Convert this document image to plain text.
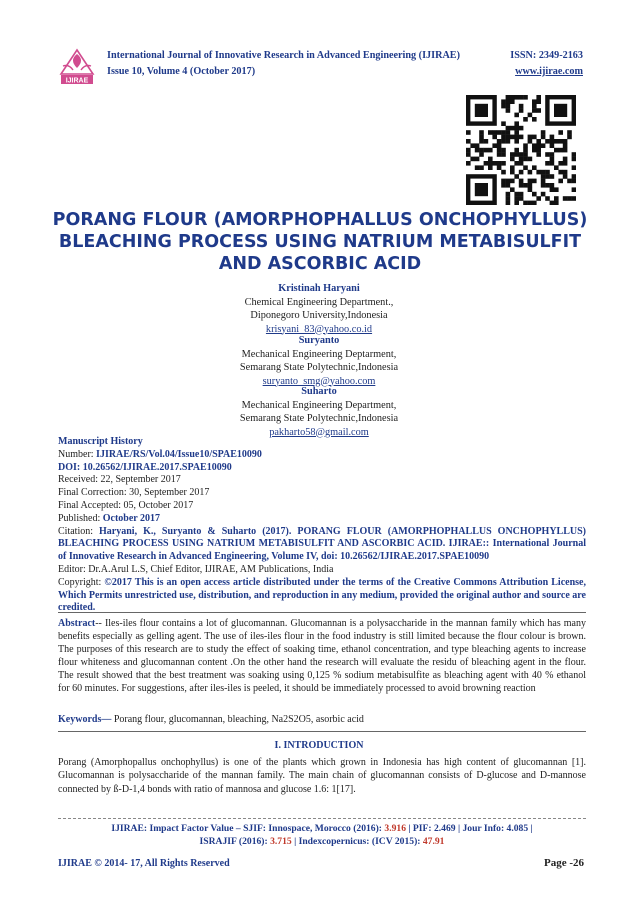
IJIRAE
International Journal of Innovative Research in Advanced Engineering (IJIRAE)	ISSN: 2349-2163
Issue 10, Volume 4 (October 2017)	www.ijirae.com
PORANG FLOUR (AMORPHOPHALLUS ONCHOPHYLLUS) BLEACHING PROCESS USING NATRIUM METABISULFIT AND ASCORBIC ACID
Kristinah Haryani
Chemical Engineering Department.,
Diponegoro University,Indonesia
krisyani_83@yahoo.co.id
Suryanto
Mechanical Engineering Deptarment,
Semarang State Polytechnic,Indonesia
suryanto_smg@yahoo.com
Suharto
Mechanical Engineering Department,
Semarang State Polytechnic,Indonesia
pakharto58@gmail.com
Manuscript History
Number: IJIRAE/RS/Vol.04/Issue10/SPAE10090
DOI: 10.26562/IJIRAE.2017.SPAE10090
Received: 22, September 2017
Final Correction: 30, September 2017
Final Accepted: 05, October 2017
Published: October 2017
Citation: Haryani, K., Suryanto & Suharto (2017). PORANG FLOUR (AMORPHOPHALLUS ONCHOPHYLLUS) BLEACHING PROCESS USING NATRIUM METABISULFIT AND ASCORBIC ACID. IJIRAE:: International Journal of Innovative Research in Advanced Engineering, Volume IV, doi: 10.26562/IJIRAE.2017.SPAE10090
Editor: Dr.A.Arul L.S, Chief Editor, IJIRAE, AM Publications, India
Copyright: ©2017 This is an open access article distributed under the terms of the Creative Commons Attribution License, Which Permits unrestricted use, distribution, and reproduction in any medium, provided the original author and source are credited.
Abstract-- Iles-iles flour contains a lot of glucomannan. Glucomannan is a polysaccharide in the mannan family which has many benefits especially as gelling agent. The use of iles-iles flour in the food industry is still limited because the flour colour is brown. The purposes of this research are to study the effect of soaking time, ethanol concentration, and type bleaching agents to increase flour whiteness and glucomannan content .On the other hand the research will evaluate the residu of bleaching agent in the flour. The result showed that the best treatment was soaking using 0,125 % sodium metabisulfite as bleaching agent with 40 % ethanol for 60 minutes. For suggestions, after iles-iles is peeled, it should be immediately processed to avoid browning reaction
Keywords— Porang flour, glucomannan, bleaching, Na2S2O5, asorbic acid
I. INTRODUCTION
Porang (Amorphopallus onchophyllus) is one of the plants which grown in Indonesia has high content of glucomannan [1]. Glucomannan is polysaccharide of the mannan family. The main chain of glucomannan consists of D-glucose and D-mannose connected by ß-D-1,4 bonds with ratio of mannosa and glucose 1.6: 1[17].
IJIRAE: Impact Factor Value – SJIF: Innospace, Morocco (2016): 3.916 | PIF: 2.469 | Jour Info: 4.085 |
ISRAJIF (2016): 3.715 | Indexcopernicus: (ICV 2015): 47.91
IJIRAE © 2014- 17, All Rights Reserved	Page -26
